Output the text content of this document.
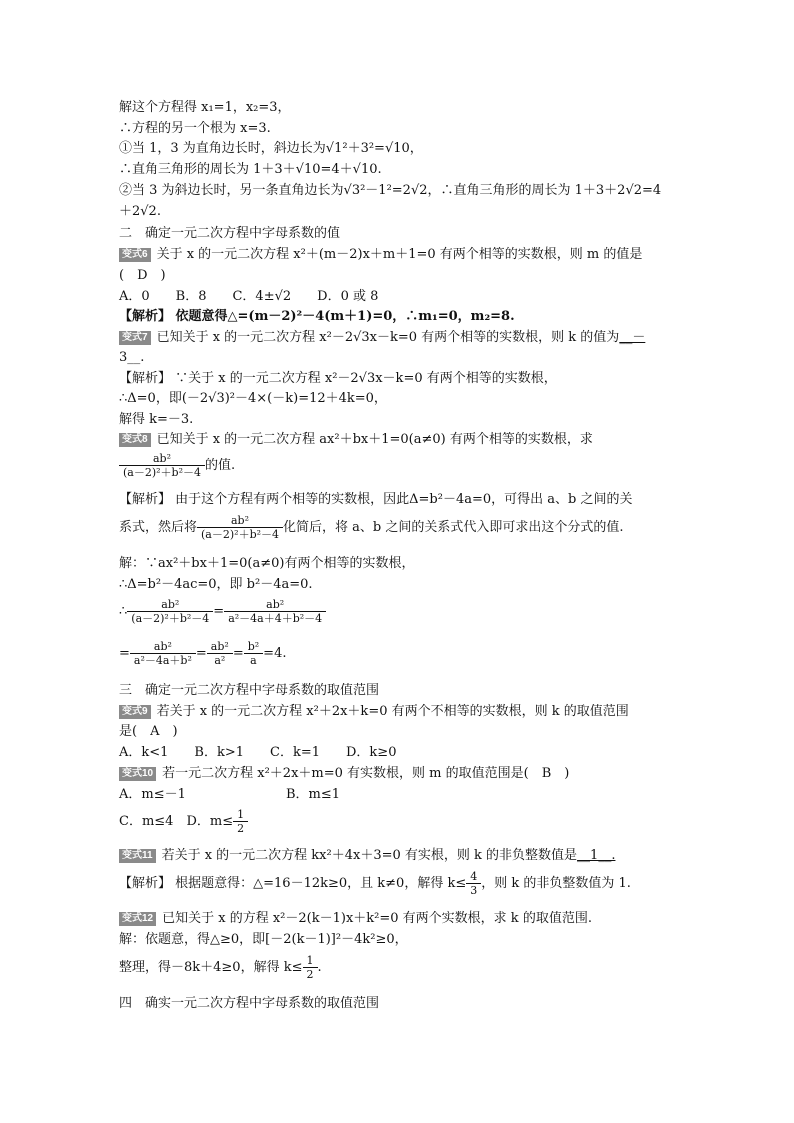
解这个方程得 x₁=1，x₂=3，
∴方程的另一个根为 x=3.
①当 1，3 为直角边长时，斜边长为√1²＋3²=√10，
∴直角三角形的周长为 1＋3＋√10=4＋√10.
②当 3 为斜边长时，另一条直角边长为√3²－1²=2√2，∴直角三角形的周长为 1＋3＋2√2=4
＋2√2.
二　确定一元二次方程中字母系数的值
变式6 关于 x 的一元二次方程 x²＋(m－2)x＋m＋1=0 有两个相等的实数根，则 m 的值是
(　D　)
A．0　　B．8　　C．4±√2　　D．0 或 8
【解析】 依题意得△=(m－2)²－4(m＋1)=0，∴m₁=0，m₂=8.
变式7 已知关于 x 的一元二次方程 x²－2√3x－k=0 有两个相等的实数根，则 k 的值为__－
3__.
【解析】 ∵关于 x 的一元二次方程 x²－2√3x－k=0 有两个相等的实数根，
∴Δ=0，即(－2√3)²－4×(－k)=12＋4k=0，
解得 k=－3.
变式8 已知关于 x 的一元二次方程 ax²＋bx＋1=0(a≠0) 有两个相等的实数根，求
$\frac{\text{ab²}}{\text{(a－2)²＋b²－4}}$ 的值.
【解析】 由于这个方程有两个相等的实数根，因此Δ=b²－4a=0，可得出 a、b 之间的关
系式，然后将 $\frac{\text{ab²}}{\text{(a－2)²＋b²－4}}$ 化简后，将 a、b 之间的关系式代入即可求出这个分式的值.
解：∵ax²＋bx＋1=0(a≠0)有两个相等的实数根，
∴Δ=b²－4ac=0，即 b²－4a=0.
∴ $\frac{\text{ab²}}{\text{(a－2)²＋b²－4}} = \frac{\text{ab²}}{\text{a²－4a＋4＋b²－4}}$
= $\frac{\text{ab²}}{\text{a²－4a＋b²}} = \frac{\text{ab²}}{\text{a²}} = \frac{\text{b²}}{a} =4$.
三　确定一元二次方程中字母系数的取值范围
变式9 若关于 x 的一元二次方程 x²＋2x＋k=0 有两个不相等的实数根，则 k 的取值范围
是(　A　)
A．k<1　　B．k>1　　C．k=1　　D．k≥0
变式10 若一元二次方程 x²＋2x＋m=0 有实数根，则 m 的取值范围是(　B　)
A．m≤－1	B．m≤1
C．m≤4　D．$m\le \frac{1}{2}$
变式11 若关于 x 的一元二次方程 kx²＋4x＋3=0 有实根，则 k 的非负整数值是__1__.
【解析】 根据题意得：△=16－12k≥0，且 k≠0，解得 $k\le \frac{4}{3}$ ，则 k 的非负整数值为 1.
变式12 已知关于 x 的方程 x²－2(k－1)x＋k²=0 有两个实数根，求 k 的取值范围.
解：依题意，得△≥0，即[－2(k－1)]²－4k²≥0，
整理，得－8k＋4≥0，解得 $k\le \frac{1}{2}$ .
四　确实一元二次方程中字母系数的取值范围
